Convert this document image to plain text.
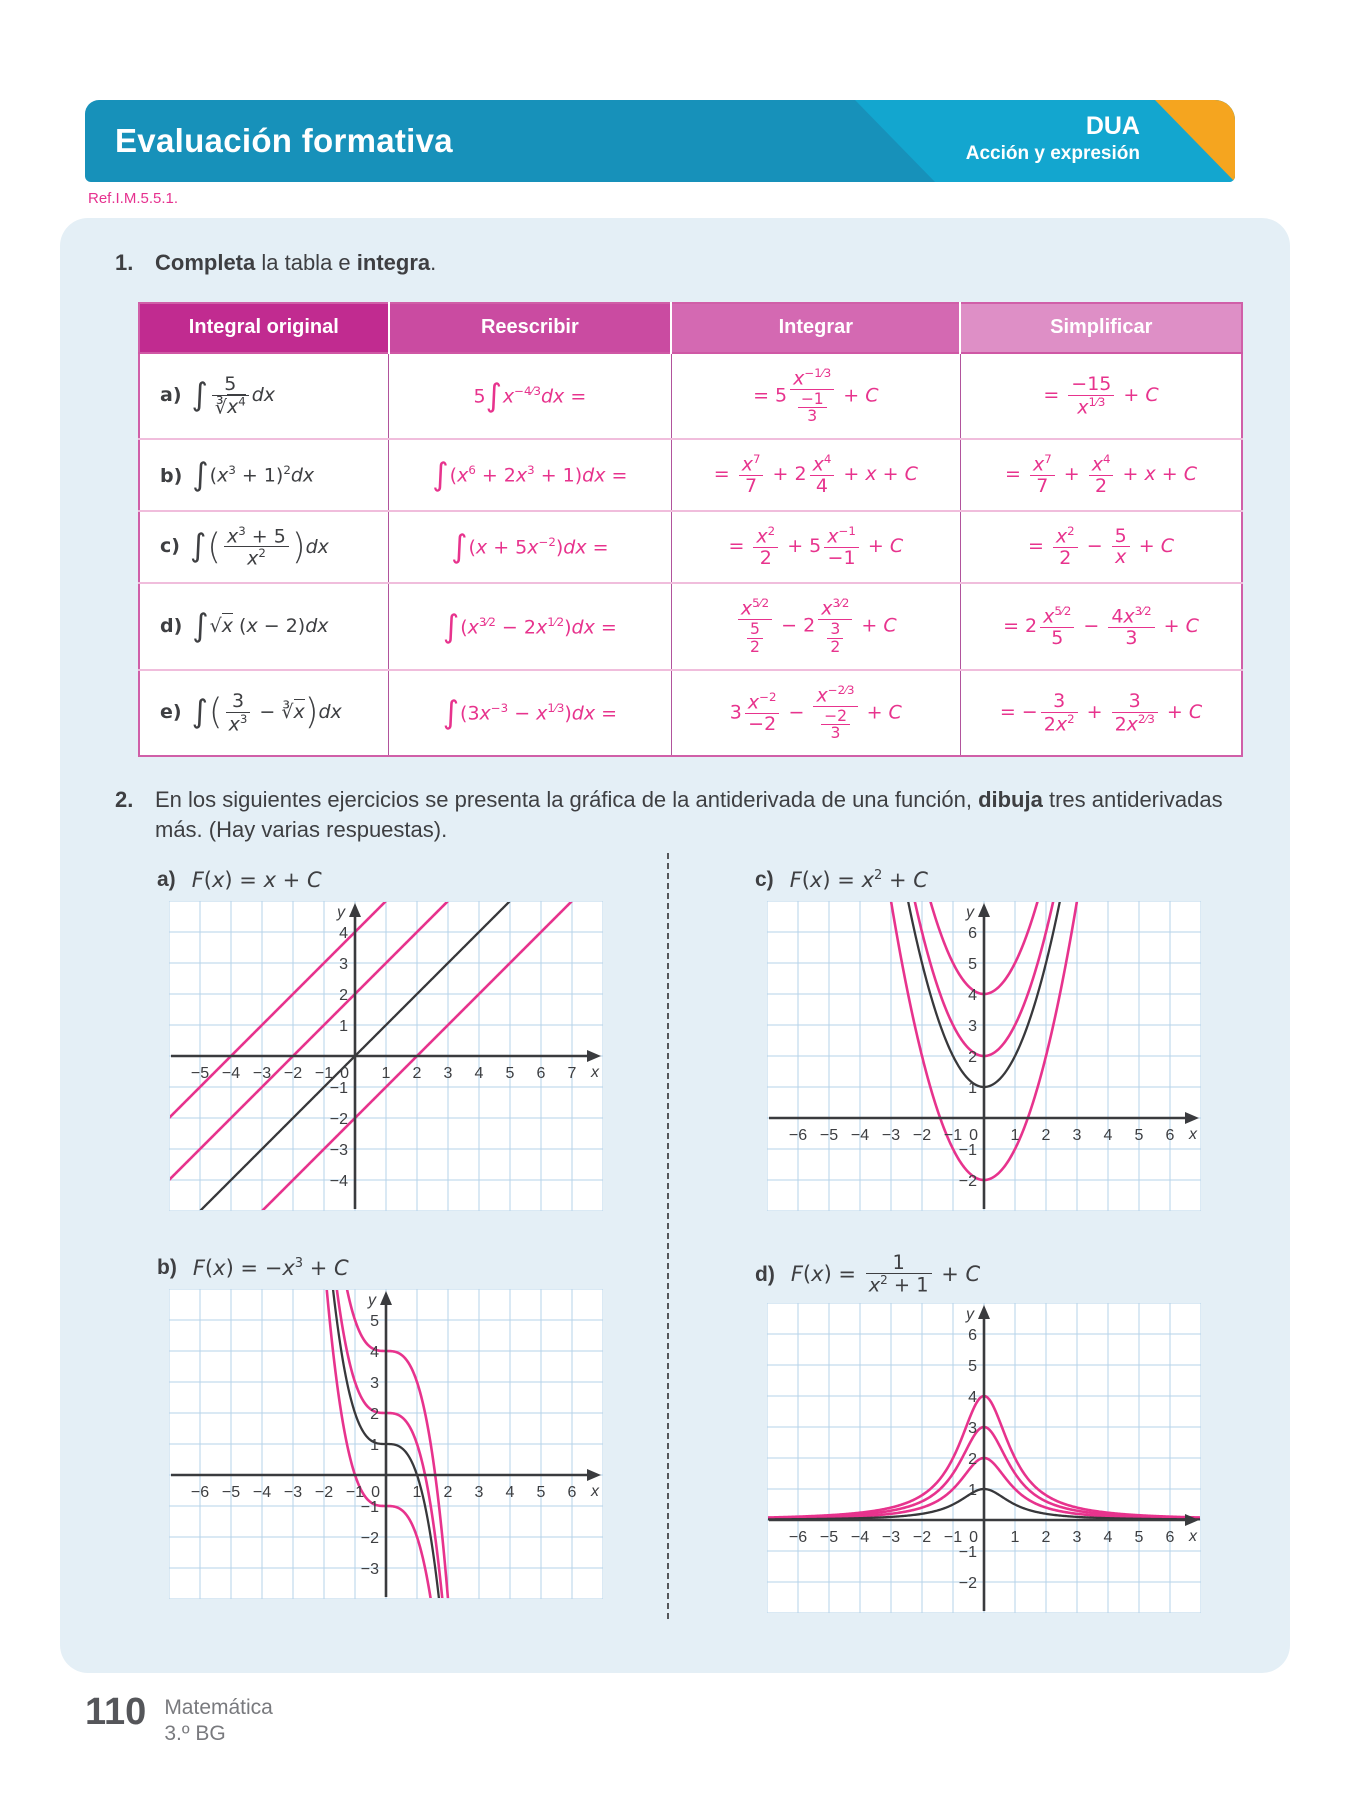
Evaluación formativa	DUA
Acción y expresión
Ref.I.M.5.5.1.
1. Completa la tabla e integra.
Integral original	Reescribir	Integrar	Simplificar
a) ∫ $\frac{5}{∛x^4}$ dx	$5\int x^{-4⁄3}dx$ =	= $5 \frac{x^{-1⁄3}}{\frac{-1}{3}} + C$	= $\frac{-15}{x^{1⁄3}} + C$
b) $\int(x^3 + 1)^2dx$	$\int(x^6 + 2x^3 + 1)dx$ =	= $\frac{x^7}{7} + 2 \frac{x^4}{4} + x + C$	= $\frac{x^7}{7} + \frac{x^4}{2} + x + C$
c) ∫( $\frac{x^3 + 5}{x^2} )dx$	$\int(x + 5x^{-2})dx$ =	= $\frac{x^2}{2} + 5 \frac{x^{-1}}{-1} + C$	= $\frac{x^2}{2} - \frac{5}{x} + C$
d) ∫√x (x − 2)dx	$\int(x^{3⁄2} - 2x^{1⁄2})dx$ =	$\frac{x^{5⁄2}}{\frac{5}{2}} - 2 \frac{x^{3⁄2}}{\frac{3}{2}} + C$	= $2 \frac{x^{5⁄2}}{5} - \frac{4x^{3⁄2}}{3} + C$
e) ∫( $\frac{3}{x^3}$ − ∛x)dx	$\int(3x^{-3} - x^{1⁄3})dx$ =	$3 \frac{x^{-2}}{-2} - \frac{x^{-2⁄3}}{\frac{-2}{3}} + C$	= − $\frac{3}{2x^2} + \frac{3}{2x^{2⁄3}} + C$
2. En los siguientes ejercicios se presenta la gráfica de la antiderivada de una función, dibuja tres antiderivadas más. (Hay varias respuestas).
a) F(x) = x + C
−5 −4 −3 −2 −1	1 2 3 4 5 6 7
−4
−3
−2
−1
1
2
3
4
0	x
y
c) $F(x) = x^2 + C$
−6 −5 −4 −3 −2 −1	1 2 3 4 5 6
−2
−1
1
2
3
4
5
6
0	x
y
b) $F(x) = -x^3 + C$
−6 −5 −4 −3 −2 −1	1 2 3 4 5 6
−3
−2
−1
1
2
3
4
5
0	x
y
d) $F(x) = \frac{1}{x^2 + 1} + C$
−6 −5 −4 −3 −2 −1	1 2 3 4 5 6
−2
−1
1
2
3
4
5
6
0	x
y
110 Matemática
3.º BG
